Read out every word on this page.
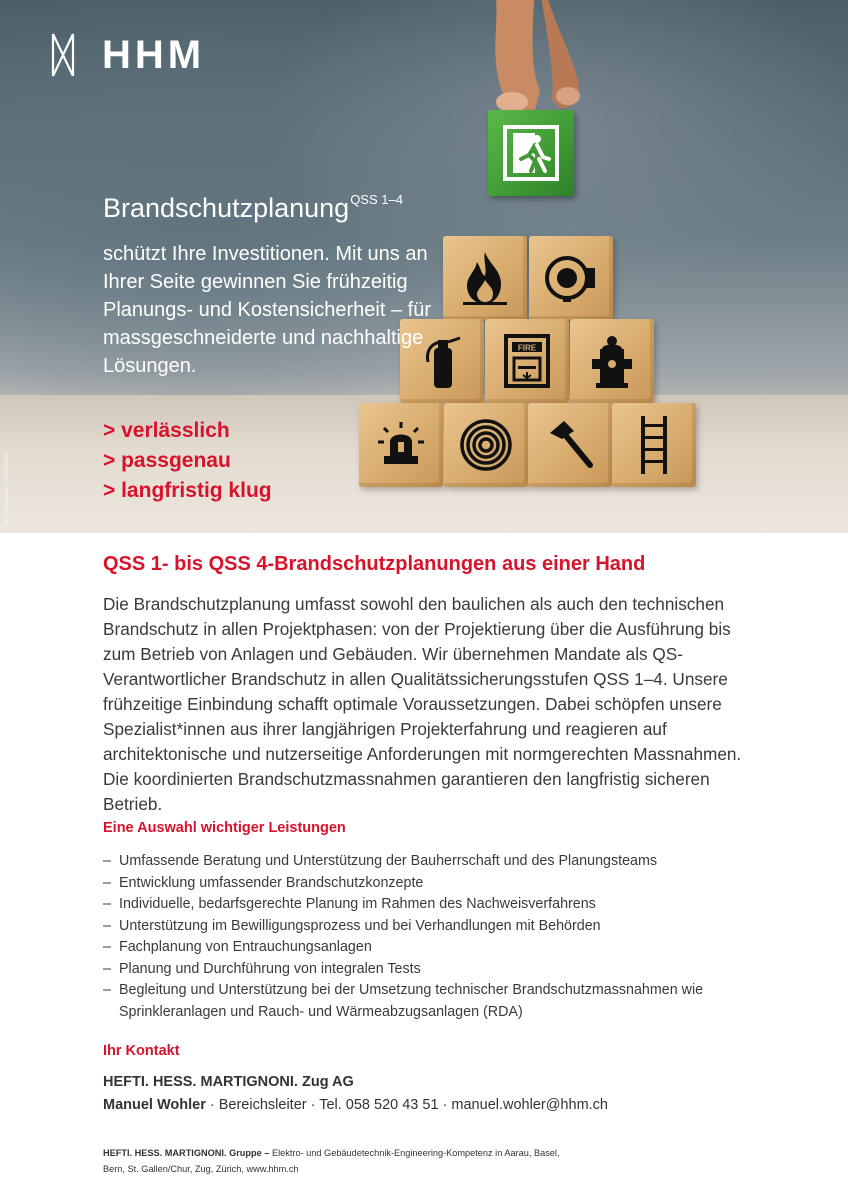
FIRE
HHM
Brandschutzplanung$^{QSS 1-4}$

schützt Ihre Investitionen. Mit uns an Ihrer Seite gewinnen Sie frühzeitig Planungs- und Kostensicherheit – für massgeschneiderte und nachhaltige Lösungen.

> verlässlich
> passgenau
> langfristig klug
Bild: Shutterstock – Arno(ODSC)
QSS 1- bis QSS 4-Brandschutzplanungen aus einer Hand

Die Brandschutzplanung umfasst sowohl den baulichen als auch den technischen Brandschutz in allen Projektphasen: von der Projektierung über die Ausführung bis zum Betrieb von Anlagen und Gebäuden. Wir übernehmen Mandate als QS-Verantwortlicher Brandschutz in allen Qualitätssicherungsstufen QSS 1–4. Unsere frühzeitige Einbindung schafft optimale Voraussetzungen. Dabei schöpfen unsere Spezialist*innen aus ihrer langjährigen Projekterfahrung und reagieren auf architektonische und nutzerseitige Anforderungen mit normgerechten Massnahmen. Die koordinierten Brandschutzmassnahmen garantieren den langfristig sicheren Betrieb.

Eine Auswahl wichtiger Leistungen
– Umfassende Beratung und Unterstützung der Bauherrschaft und des Planungsteams
– Entwicklung umfassender Brandschutzkonzepte
– Individuelle, bedarfsgerechte Planung im Rahmen des Nachweisverfahrens
– Unterstützung im Bewilligungsprozess und bei Verhandlungen mit Behörden
– Fachplanung von Entrauchungsanlagen
– Planung und Durchführung von integralen Tests
– Begleitung und Unterstützung bei der Umsetzung technischer Brandschutzmassnahmen wie Sprinkleranlagen und Rauch- und Wärmeabzugsanlagen (RDA)
Ihr Kontakt
HEFTI. HESS. MARTIGNONI. Zug AG
Manuel Wohler · Bereichsleiter · Tel. 058 520 43 51 · manuel.wohler@hhm.ch

HEFTI. HESS. MARTIGNONI. Gruppe – Elektro- und Gebäudetechnik-Engineering-Kompetenz in Aarau, Basel, Bern, St. Gallen/Chur, Zug, Zürich, www.hhm.ch
